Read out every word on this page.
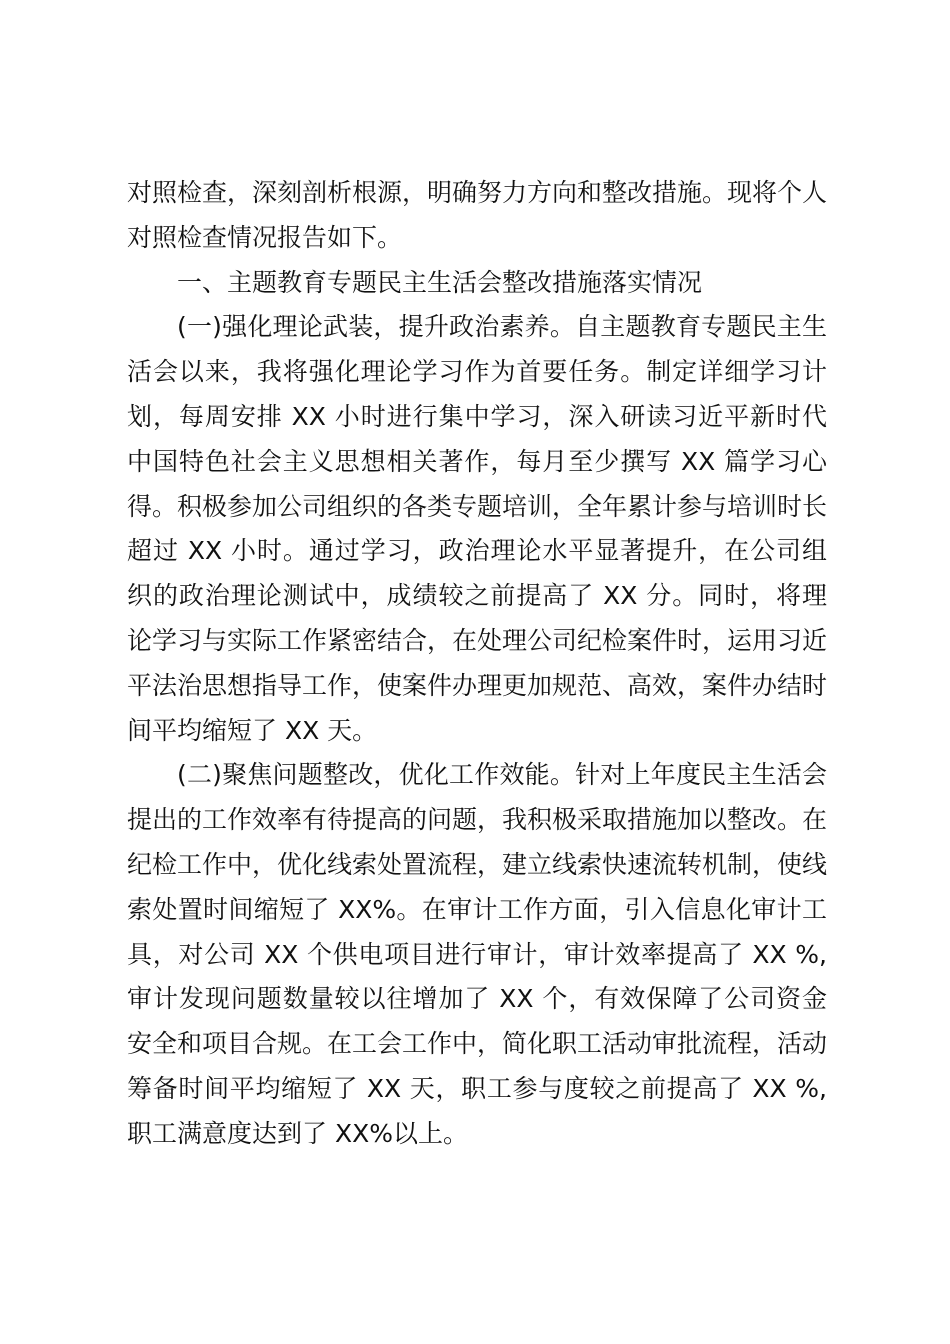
对照检查，深刻剖析根源，明确努力方向和整改措施。现将个人对照检查情况报告如下。

一、主题教育专题民主生活会整改措施落实情况

(一)强化理论武装，提升政治素养。自主题教育专题民主生活会以来，我将强化理论学习作为首要任务。制定详细学习计划，每周安排 XX 小时进行集中学习，深入研读习近平新时代中国特色社会主义思想相关著作，每月至少撰写 XX 篇学习心得。积极参加公司组织的各类专题培训，全年累计参与培训时长超过 XX 小时。通过学习，政治理论水平显著提升，在公司组织的政治理论测试中，成绩较之前提高了 XX 分。同时，将理论学习与实际工作紧密结合，在处理公司纪检案件时，运用习近平法治思想指导工作，使案件办理更加规范、高效，案件办结时间平均缩短了 XX 天。

(二)聚焦问题整改，优化工作效能。针对上年度民主生活会提出的工作效率有待提高的问题，我积极采取措施加以整改。在纪检工作中，优化线索处置流程，建立线索快速流转机制，使线索处置时间缩短了 XX%。在审计工作方面，引入信息化审计工具，对公司 XX 个供电项目进行审计，审计效率提高了 XX %,审计发现问题数量较以往增加了 XX 个，有效保障了公司资金安全和项目合规。在工会工作中，简化职工活动审批流程，活动筹备时间平均缩短了 XX 天，职工参与度较之前提高了 XX %,职工满意度达到了 XX%以上。
